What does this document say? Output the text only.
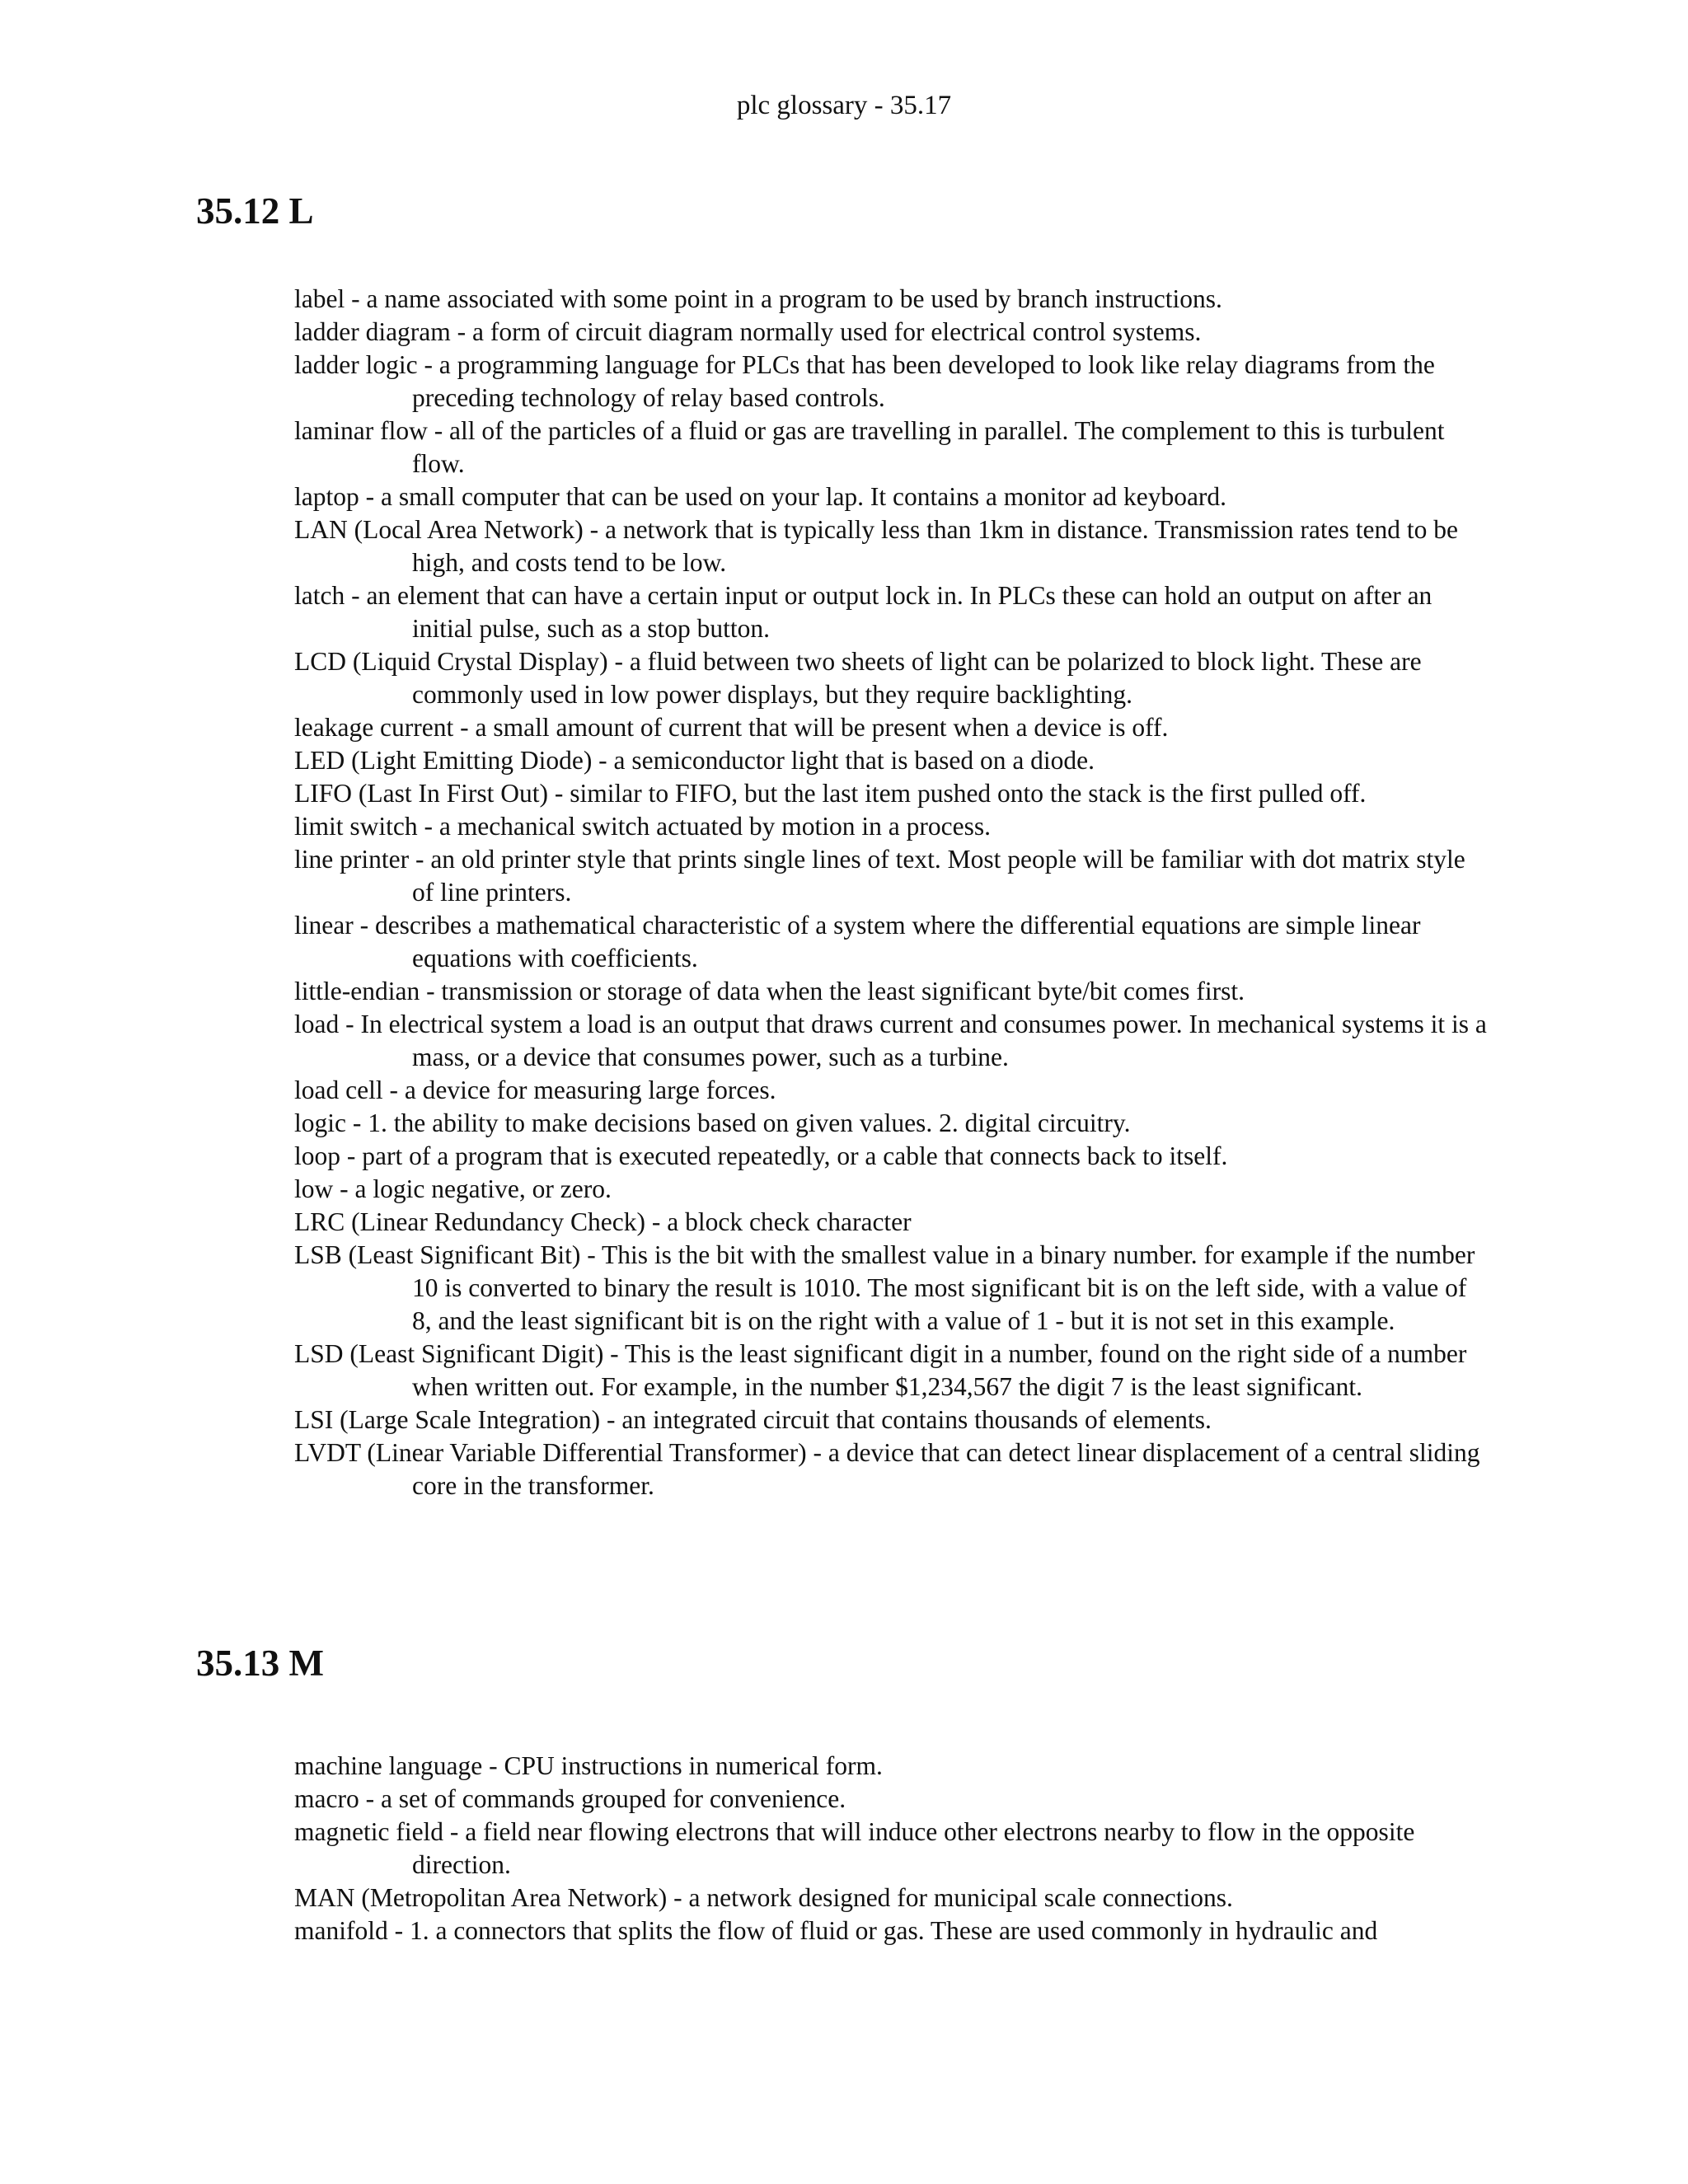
plc glossary - 35.17
35.12 L
label - a name associated with some point in a program to be used by branch instructions.
ladder diagram - a form of circuit diagram normally used for electrical control systems.
ladder logic - a programming language for PLCs that has been developed to look like relay diagrams from the preceding technology of relay based controls.
laminar flow - all of the particles of a fluid or gas are travelling in parallel. The complement to this is turbulent flow.
laptop - a small computer that can be used on your lap. It contains a monitor ad keyboard.
LAN (Local Area Network) - a network that is typically less than 1km in distance. Transmission rates tend to be high, and costs tend to be low.
latch - an element that can have a certain input or output lock in. In PLCs these can hold an output on after an initial pulse, such as a stop button.
LCD (Liquid Crystal Display) - a fluid between two sheets of light can be polarized to block light. These are commonly used in low power displays, but they require backlighting.
leakage current - a small amount of current that will be present when a device is off.
LED (Light Emitting Diode) - a semiconductor light that is based on a diode.
LIFO (Last In First Out) - similar to FIFO, but the last item pushed onto the stack is the first pulled off.
limit switch - a mechanical switch actuated by motion in a process.
line printer - an old printer style that prints single lines of text. Most people will be familiar with dot matrix style of line printers.
linear - describes a mathematical characteristic of a system where the differential equations are simple linear equations with coefficients.
little-endian - transmission or storage of data when the least significant byte/bit comes first.
load - In electrical system a load is an output that draws current and consumes power. In mechanical systems it is a mass, or a device that consumes power, such as a turbine.
load cell - a device for measuring large forces.
logic - 1. the ability to make decisions based on given values. 2. digital circuitry.
loop - part of a program that is executed repeatedly, or a cable that connects back to itself.
low - a logic negative, or zero.
LRC (Linear Redundancy Check) - a block check character
LSB (Least Significant Bit) - This is the bit with the smallest value in a binary number. for example if the number 10 is converted to binary the result is 1010. The most significant bit is on the left side, with a value of 8, and the least significant bit is on the right with a value of 1 - but it is not set in this example.
LSD (Least Significant Digit) - This is the least significant digit in a number, found on the right side of a number when written out. For example, in the number $1,234,567 the digit 7 is the least significant.
LSI (Large Scale Integration) - an integrated circuit that contains thousands of elements.
LVDT (Linear Variable Differential Transformer) - a device that can detect linear displacement of a central sliding core in the transformer.
35.13 M
machine language - CPU instructions in numerical form.
macro - a set of commands grouped for convenience.
magnetic field - a field near flowing electrons that will induce other electrons nearby to flow in the opposite direction.
MAN (Metropolitan Area Network) - a network designed for municipal scale connections.
manifold - 1. a connectors that splits the flow of fluid or gas. These are used commonly in hydraulic and
